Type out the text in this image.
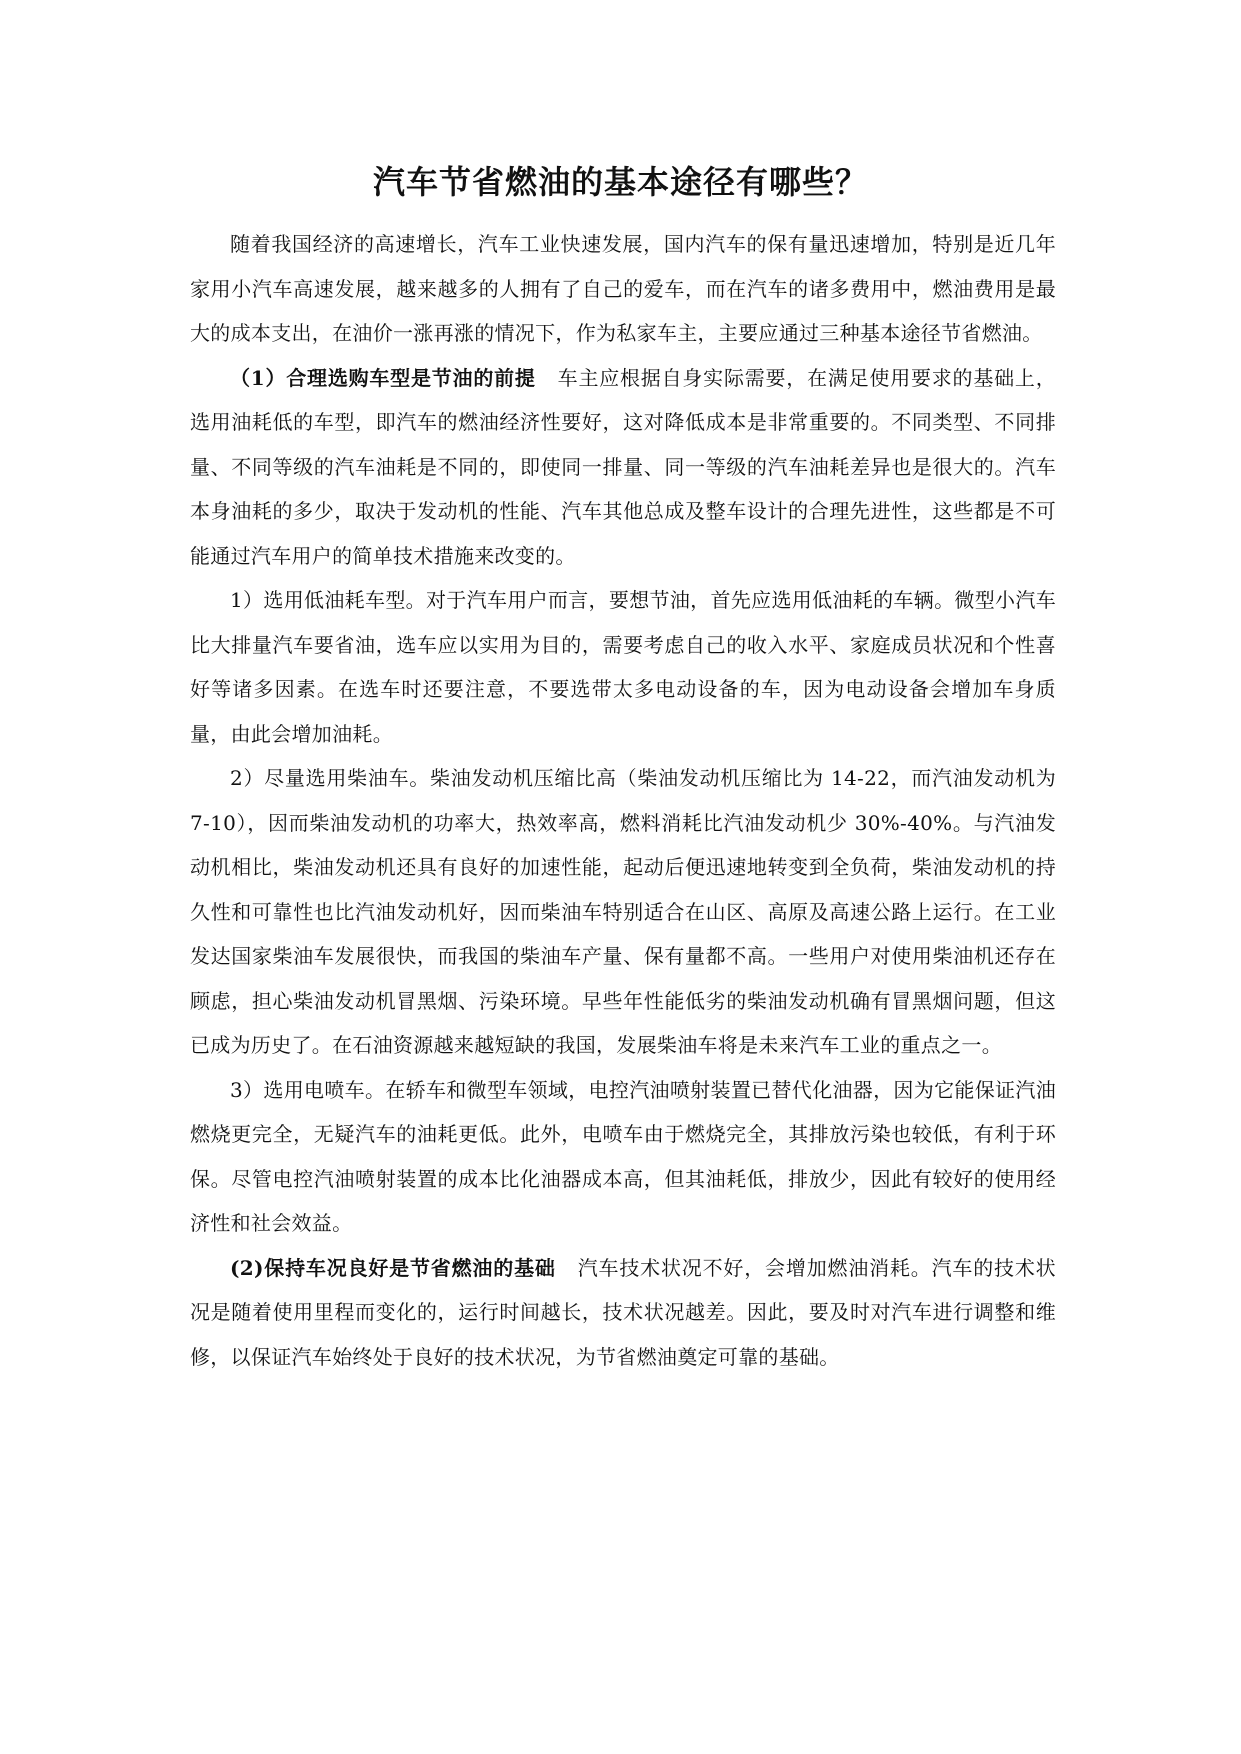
汽车节省燃油的基本途径有哪些？

随着我国经济的高速增长，汽车工业快速发展，国内汽车的保有量迅速增加，特别是近几年家用小汽车高速发展，越来越多的人拥有了自己的爱车，而在汽车的诸多费用中，燃油费用是最大的成本支出，在油价一涨再涨的情况下，作为私家车主，主要应通过三种基本途径节省燃油。

（1）合理选购车型是节油的前提 车主应根据自身实际需要，在满足使用要求的基础上，选用油耗低的车型，即汽车的燃油经济性要好，这对降低成本是非常重要的。不同类型、不同排量、不同等级的汽车油耗是不同的，即使同一排量、同一等级的汽车油耗差异也是很大的。汽车本身油耗的多少，取决于发动机的性能、汽车其他总成及整车设计的合理先进性，这些都是不可能通过汽车用户的简单技术措施来改变的。

1）选用低油耗车型。对于汽车用户而言，要想节油，首先应选用低油耗的车辆。微型小汽车比大排量汽车要省油，选车应以实用为目的，需要考虑自己的收入水平、家庭成员状况和个性喜好等诸多因素。在选车时还要注意，不要选带太多电动设备的车，因为电动设备会增加车身质量，由此会增加油耗。

2）尽量选用柴油车。柴油发动机压缩比高（柴油发动机压缩比为 14-22，而汽油发动机为 7-10），因而柴油发动机的功率大，热效率高，燃料消耗比汽油发动机少 30%-40%。与汽油发动机相比，柴油发动机还具有良好的加速性能，起动后便迅速地转变到全负荷，柴油发动机的持久性和可靠性也比汽油发动机好，因而柴油车特别适合在山区、高原及高速公路上运行。在工业发达国家柴油车发展很快，而我国的柴油车产量、保有量都不高。一些用户对使用柴油机还存在顾虑，担心柴油发动机冒黑烟、污染环境。早些年性能低劣的柴油发动机确有冒黑烟问题，但这已成为历史了。在石油资源越来越短缺的我国，发展柴油车将是未来汽车工业的重点之一。

3）选用电喷车。在轿车和微型车领域，电控汽油喷射装置已替代化油器，因为它能保证汽油燃烧更完全，无疑汽车的油耗更低。此外，电喷车由于燃烧完全，其排放污染也较低，有利于环保。尽管电控汽油喷射装置的成本比化油器成本高，但其油耗低，排放少，因此有较好的使用经济性和社会效益。

(2)保持车况良好是节省燃油的基础 汽车技术状况不好，会增加燃油消耗。汽车的技术状况是随着使用里程而变化的，运行时间越长，技术状况越差。因此，要及时对汽车进行调整和维修，以保证汽车始终处于良好的技术状况，为节省燃油奠定可靠的基础。
